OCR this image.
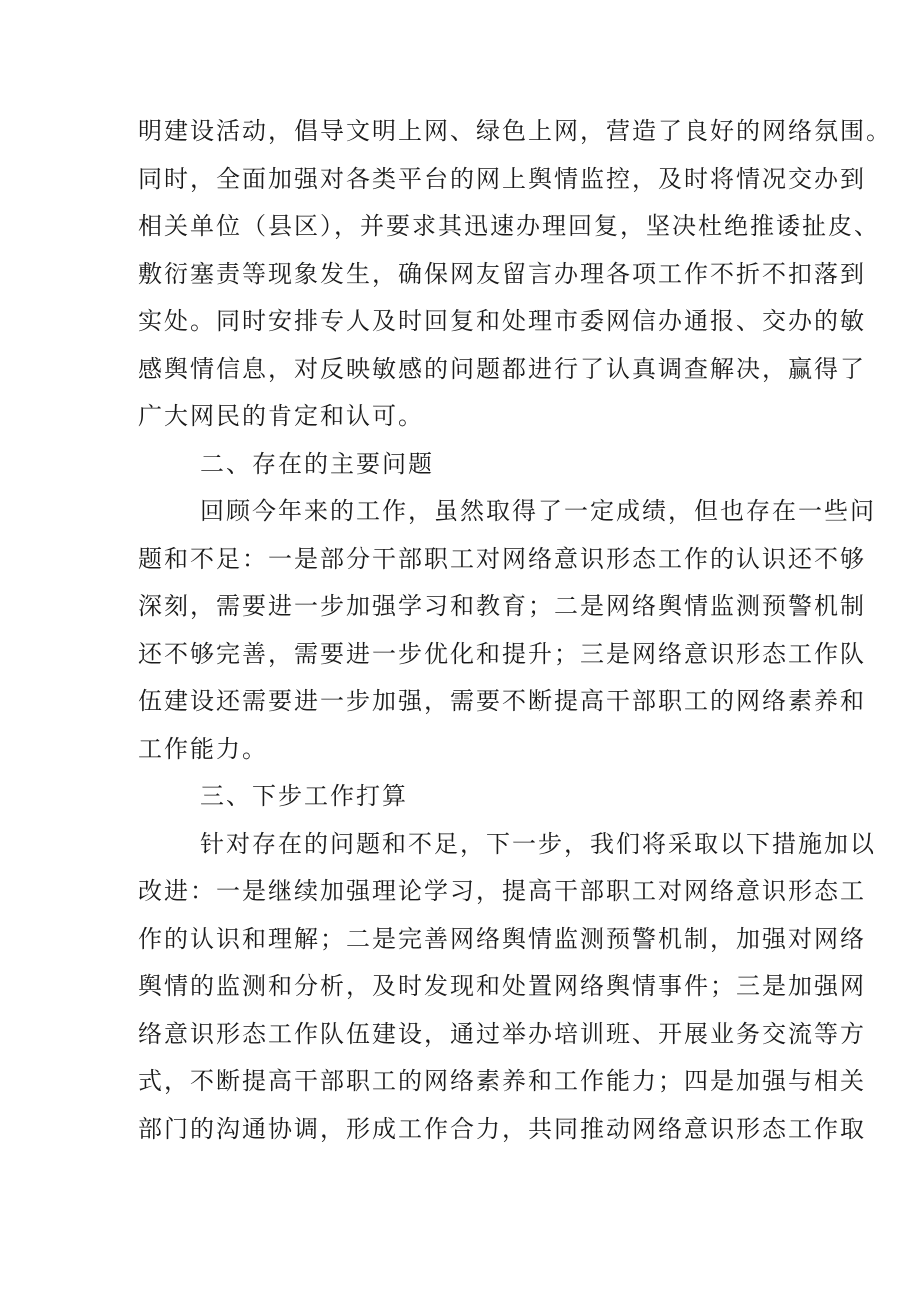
明建设活动，倡导文明上网、绿色上网，营造了良好的网络氛围。
同时，全面加强对各类平台的网上舆情监控，及时将情况交办到
相关单位（县区），并要求其迅速办理回复，坚决杜绝推诿扯皮、
敷衍塞责等现象发生，确保网友留言办理各项工作不折不扣落到
实处。同时安排专人及时回复和处理市委网信办通报、交办的敏
感舆情信息，对反映敏感的问题都进行了认真调查解决，赢得了
广大网民的肯定和认可。
二、存在的主要问题
回顾今年来的工作，虽然取得了一定成绩，但也存在一些问
题和不足：一是部分干部职工对网络意识形态工作的认识还不够
深刻，需要进一步加强学习和教育；二是网络舆情监测预警机制
还不够完善，需要进一步优化和提升；三是网络意识形态工作队
伍建设还需要进一步加强，需要不断提高干部职工的网络素养和
工作能力。
三、下步工作打算
针对存在的问题和不足，下一步，我们将采取以下措施加以
改进：一是继续加强理论学习，提高干部职工对网络意识形态工
作的认识和理解；二是完善网络舆情监测预警机制，加强对网络
舆情的监测和分析，及时发现和处置网络舆情事件；三是加强网
络意识形态工作队伍建设，通过举办培训班、开展业务交流等方
式，不断提高干部职工的网络素养和工作能力；四是加强与相关
部门的沟通协调，形成工作合力，共同推动网络意识形态工作取
